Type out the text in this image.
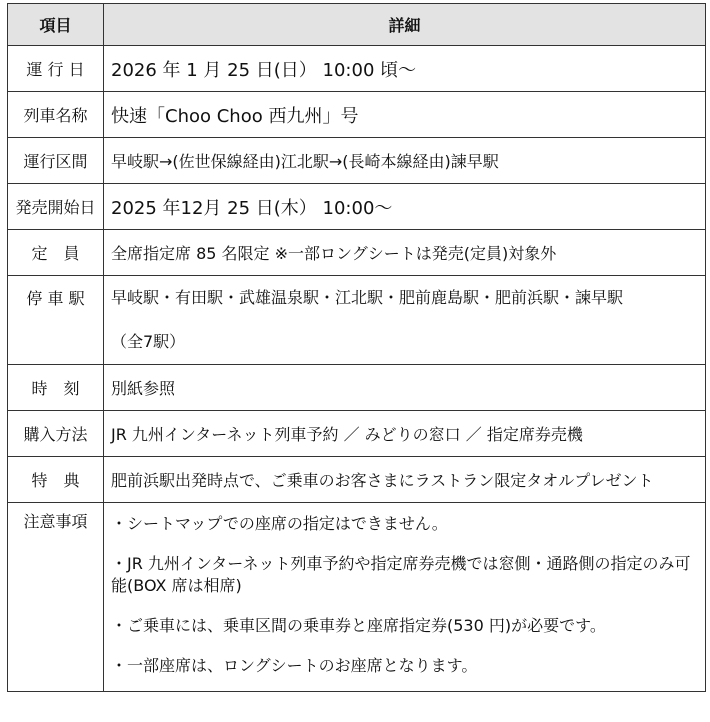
項目	詳細
運 行 日	2026 年 1 月 25 日(日） 10:00 頃～
列車名称	快速「Choo Choo 西九州」号
運行区間	早岐駅→(佐世保線経由)江北駅→(長崎本線経由)諫早駅
発売開始日	2025 年12月 25 日(木） 10:00～
定　員	全席指定席 85 名限定 ※一部ロングシートは発売(定員)対象外
停 車 駅	早岐駅・有田駅・武雄温泉駅・江北駅・肥前鹿島駅・肥前浜駅・諫早駅
（全7駅）

時　刻	別紙参照
購入方法	JR 九州インターネット列車予約 ／ みどりの窓口 ／ 指定席券売機
特　典	肥前浜駅出発時点で、ご乗車のお客さまにラストラン限定タオルプレゼント
注意事項	・シートマップでの座席の指定はできません。
・JR 九州インターネット列車予約や指定席券売機では窓側・通路側の指定のみ可能(BOX 席は相席)
・ご乗車には、乗車区間の乗車券と座席指定券(530 円)が必要です。
・一部座席は、ロングシートのお座席となります。
